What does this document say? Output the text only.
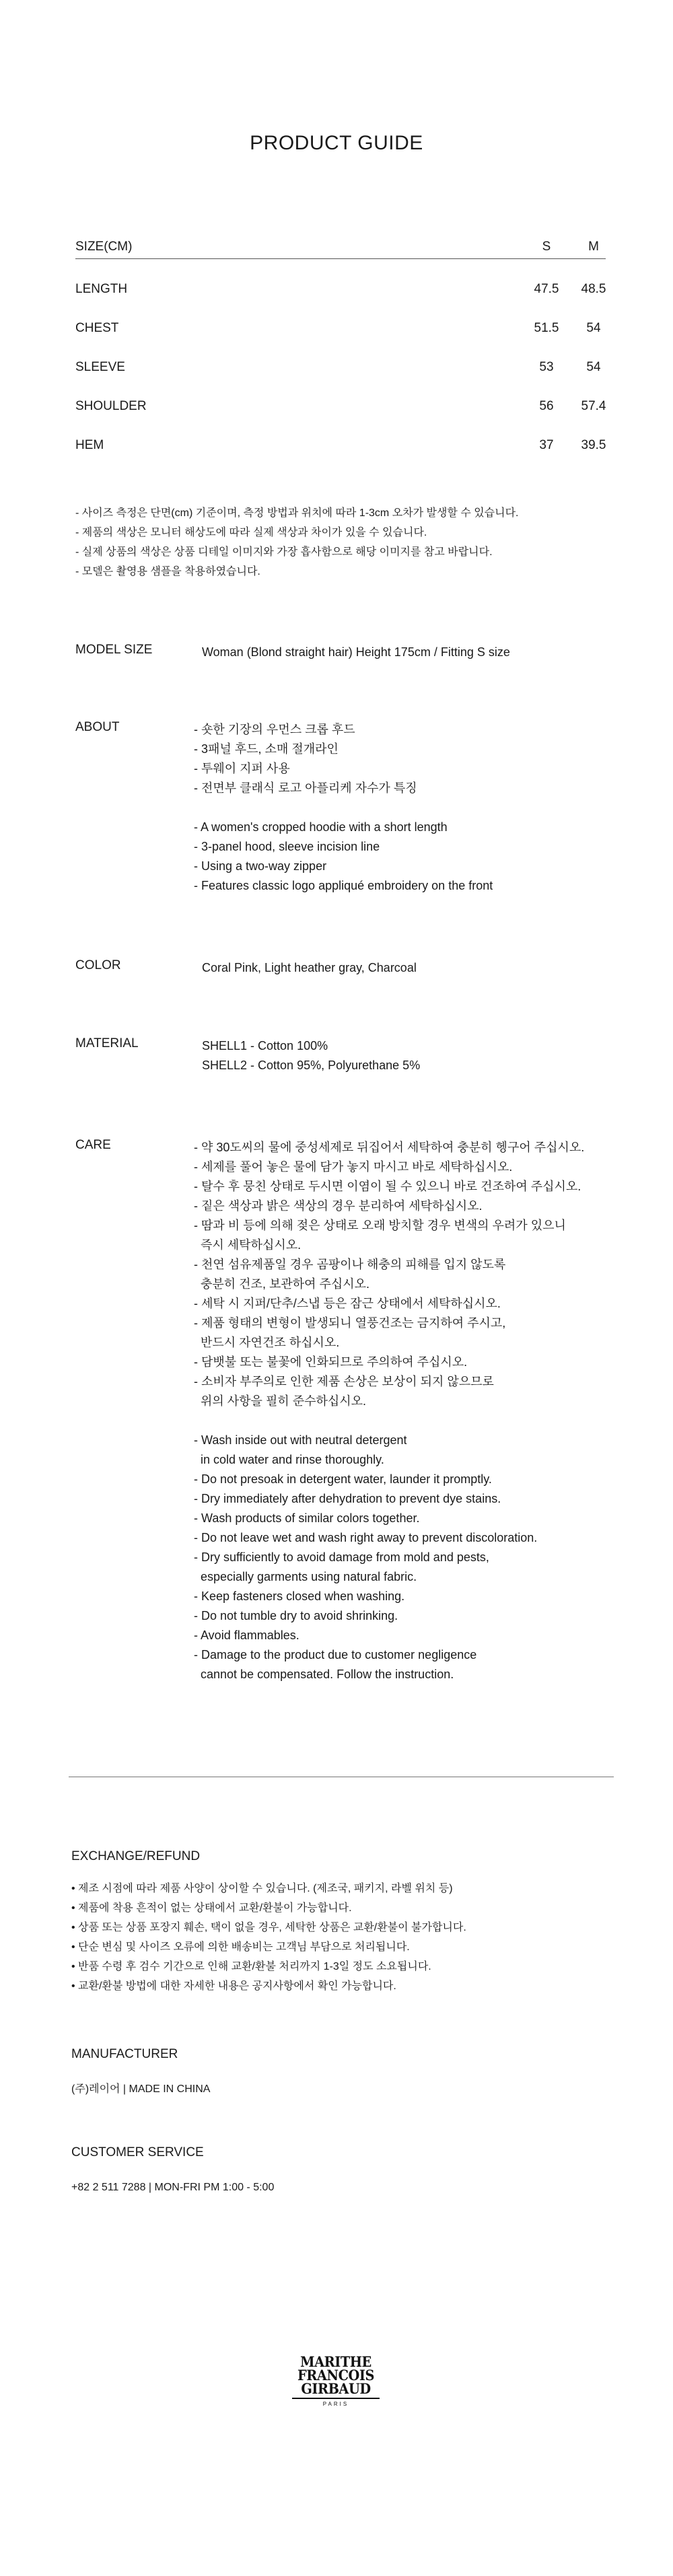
PRODUCT GUIDE
SIZE(CM)	S	M
LENGTH	47.5	48.5
CHEST	51.5	54
SLEEVE	53	54
SHOULDER	56	57.4
HEM	37	39.5
- 사이즈 측정은 단면(cm) 기준이며, 측정 방법과 위치에 따라 1-3cm 오차가 발생할 수 있습니다.
- 제품의 색상은 모니터 해상도에 따라 실제 색상과 차이가 있을 수 있습니다.
- 실제 상품의 색상은 상품 디테일 이미지와 가장 흡사함으로 해당 이미지를 참고 바랍니다.
- 모델은 촬영용 샘플을 착용하였습니다.
MODEL SIZE	Woman (Blond straight hair) Height 175cm / Fitting S size
ABOUT	- 숏한 기장의 우먼스 크롭 후드
- 3패널 후드, 소매 절개라인
- 투웨이 지퍼 사용
- 전면부 클래식 로고 아플리케 자수가 특징
- A women's cropped hoodie with a short length
- 3-panel hood, sleeve incision line
- Using a two-way zipper
- Features classic logo appliqué embroidery on the front
COLOR	Coral Pink, Light heather gray, Charcoal
MATERIAL	SHELL1 - Cotton 100%
SHELL2 - Cotton 95%, Polyurethane 5%
CARE	- 약 30도씨의 물에 중성세제로 뒤집어서 세탁하여 충분히 헹구어 주십시오.
- 세제를 풀어 놓은 물에 담가 놓지 마시고 바로 세탁하십시오.
- 탈수 후 뭉친 상태로 두시면 이염이 될 수 있으니 바로 건조하여 주십시오.
- 짙은 색상과 밝은 색상의 경우 분리하여 세탁하십시오.
- 땀과 비 등에 의해 젖은 상태로 오래 방치할 경우 변색의 우려가 있으니
즉시 세탁하십시오.
- 천연 섬유제품일 경우 곰팡이나 해충의 피해를 입지 않도록
충분히 건조, 보관하여 주십시오.
- 세탁 시 지퍼/단추/스냅 등은 잠근 상태에서 세탁하십시오.
- 제품 형태의 변형이 발생되니 열풍건조는 금지하여 주시고,
반드시 자연건조 하십시오.
- 담뱃불 또는 불꽃에 인화되므로 주의하여 주십시오.
- 소비자 부주의로 인한 제품 손상은 보상이 되지 않으므로
위의 사항을 필히 준수하십시오.
- Wash inside out with neutral detergent
in cold water and rinse thoroughly.
- Do not presoak in detergent water, launder it promptly.
- Dry immediately after dehydration to prevent dye stains.
- Wash products of similar colors together.
- Do not leave wet and wash right away to prevent discoloration.
- Dry sufficiently to avoid damage from mold and pests,
especially garments using natural fabric.
- Keep fasteners closed when washing.
- Do not tumble dry to avoid shrinking.
- Avoid flammables.
- Damage to the product due to customer negligence
cannot be compensated. Follow the instruction.
EXCHANGE/REFUND
• 제조 시점에 따라 제품 사양이 상이할 수 있습니다. (제조국, 패키지, 라벨 위치 등)
• 제품에 착용 흔적이 없는 상태에서 교환/환불이 가능합니다.
• 상품 또는 상품 포장지 훼손, 택이 없을 경우, 세탁한 상품은 교환/환불이 불가합니다.
• 단순 변심 및 사이즈 오류에 의한 배송비는 고객님 부담으로 처리됩니다.
• 반품 수령 후 검수 기간으로 인해 교환/환불 처리까지 1-3일 정도 소요됩니다.
• 교환/환불 방법에 대한 자세한 내용은 공지사항에서 확인 가능합니다.
MANUFACTURER
(주)레이어 | MADE IN CHINA
CUSTOMER SERVICE
+82 2 511 7288 | MON-FRI PM 1:00 - 5:00
MARITHE
FRANCOIS
GIRBAUD
PARIS
